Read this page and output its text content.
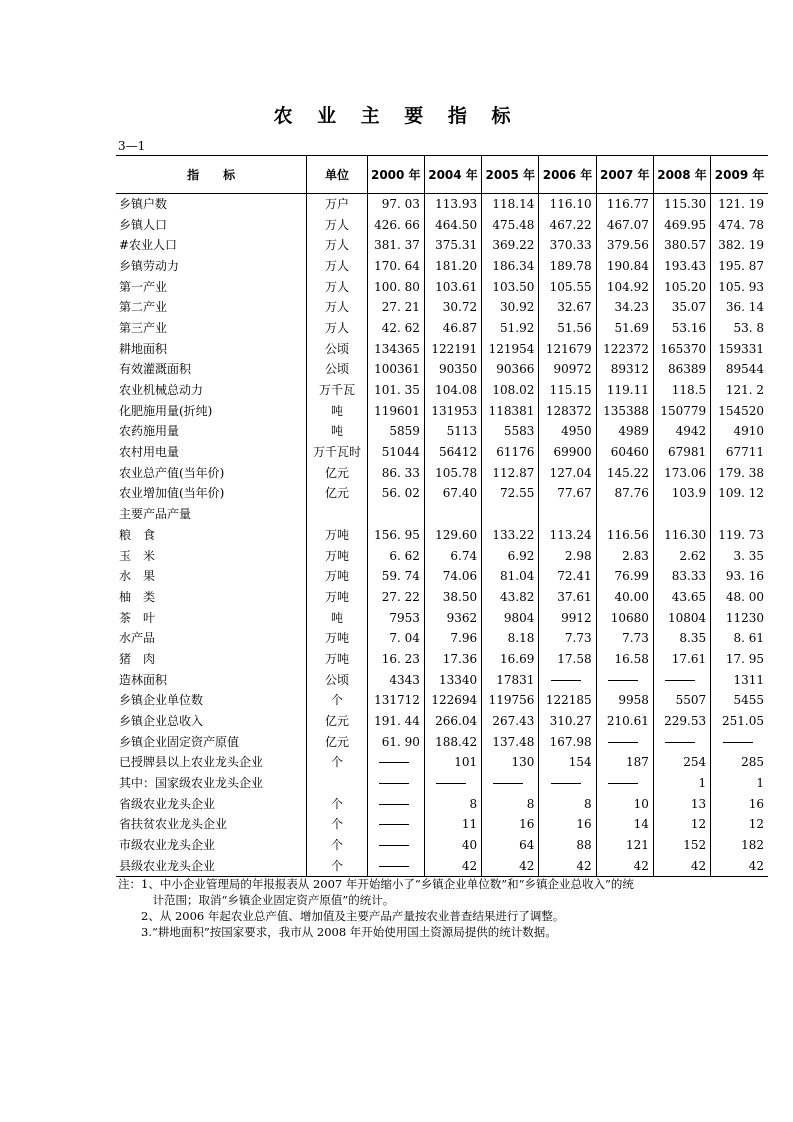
农 业 主 要 指 标
3—1
指　　标	单位	2000 年	2004 年	2005 年	2006 年	2007 年	2008 年	2009 年
乡镇户数	万户	97. 03	113.93	118.14	116.10	116.77	115.30	121. 19
乡镇人口	万人	426. 66	464.50	475.48	467.22	467.07	469.95	474. 78
#农业人口	万人	381. 37	375.31	369.22	370.33	379.56	380.57	382. 19
乡镇劳动力	万人	170. 64	181.20	186.34	189.78	190.84	193.43	195. 87
第一产业	万人	100. 80	103.61	103.50	105.55	104.92	105.20	105. 93
第二产业	万人	27. 21	30.72	30.92	32.67	34.23	35.07	36. 14
第三产业	万人	42. 62	46.87	51.92	51.56	51.69	53.16	53. 8
耕地面积	公顷	134365	122191	121954	121679	122372	165370	159331
有效灌溉面积	公顷	100361	90350	90366	90972	89312	86389	89544
农业机械总动力	万千瓦	101. 35	104.08	108.02	115.15	119.11	118.5	121. 2
化肥施用量(折纯)	吨	119601	131953	118381	128372	135388	150779	154520
农药施用量	吨	5859	5113	5583	4950	4989	4942	4910
农村用电量	万千瓦时	51044	56412	61176	69900	60460	67981	67711
农业总产值(当年价)	亿元	86. 33	105.78	112.87	127.04	145.22	173.06	179. 38
农业增加值(当年价)	亿元	56. 02	67.40	72.55	77.67	87.76	103.9	109. 12
主要产品产量								
粮　食	万吨	156. 95	129.60	133.22	113.24	116.56	116.30	119. 73
玉　米	万吨	6. 62	6.74	6.92	2.98	2.83	2.62	3. 35
水　果	万吨	59. 74	74.06	81.04	72.41	76.99	83.33	93. 16
柚　类	万吨	27. 22	38.50	43.82	37.61	40.00	43.65	48. 00
茶　叶	吨	7953	9362	9804	9912	10680	10804	11230
水产品	万吨	7. 04	7.96	8.18	7.73	7.73	8.35	8. 61
猪　肉	万吨	16. 23	17.36	16.69	17.58	16.58	17.61	17. 95
造林面积	公顷	4343	13340	17831				1311
乡镇企业单位数	个	131712	122694	119756	122185	9958	5507	5455
乡镇企业总收入	亿元	191. 44	266.04	267.43	310.27	210.61	229.53	251.05
乡镇企业固定资产原值	亿元	61. 90	188.42	137.48	167.98			
已授牌县以上农业龙头企业	个		101	130	154	187	254	285
其中：国家级农业龙头企业							1	1
省级农业龙头企业	个		8	8	8	10	13	16
省扶贫农业龙头企业	个		11	16	16	14	12	12
市级农业龙头企业	个		40	64	88	121	152	182
县级农业龙头企业	个		42	42	42	42	42	42
注：1、中小企业管理局的年报报表从 2007 年开始缩小了“乡镇企业单位数”和“乡镇企业总收入”的统
　　　计范围；取消“乡镇企业固定资产原值”的统计。
　　2、从 2006 年起农业总产值、增加值及主要产品产量按农业普查结果进行了调整。
　　3.“耕地面积”按国家要求，我市从 2008 年开始使用国土资源局提供的统计数据。
